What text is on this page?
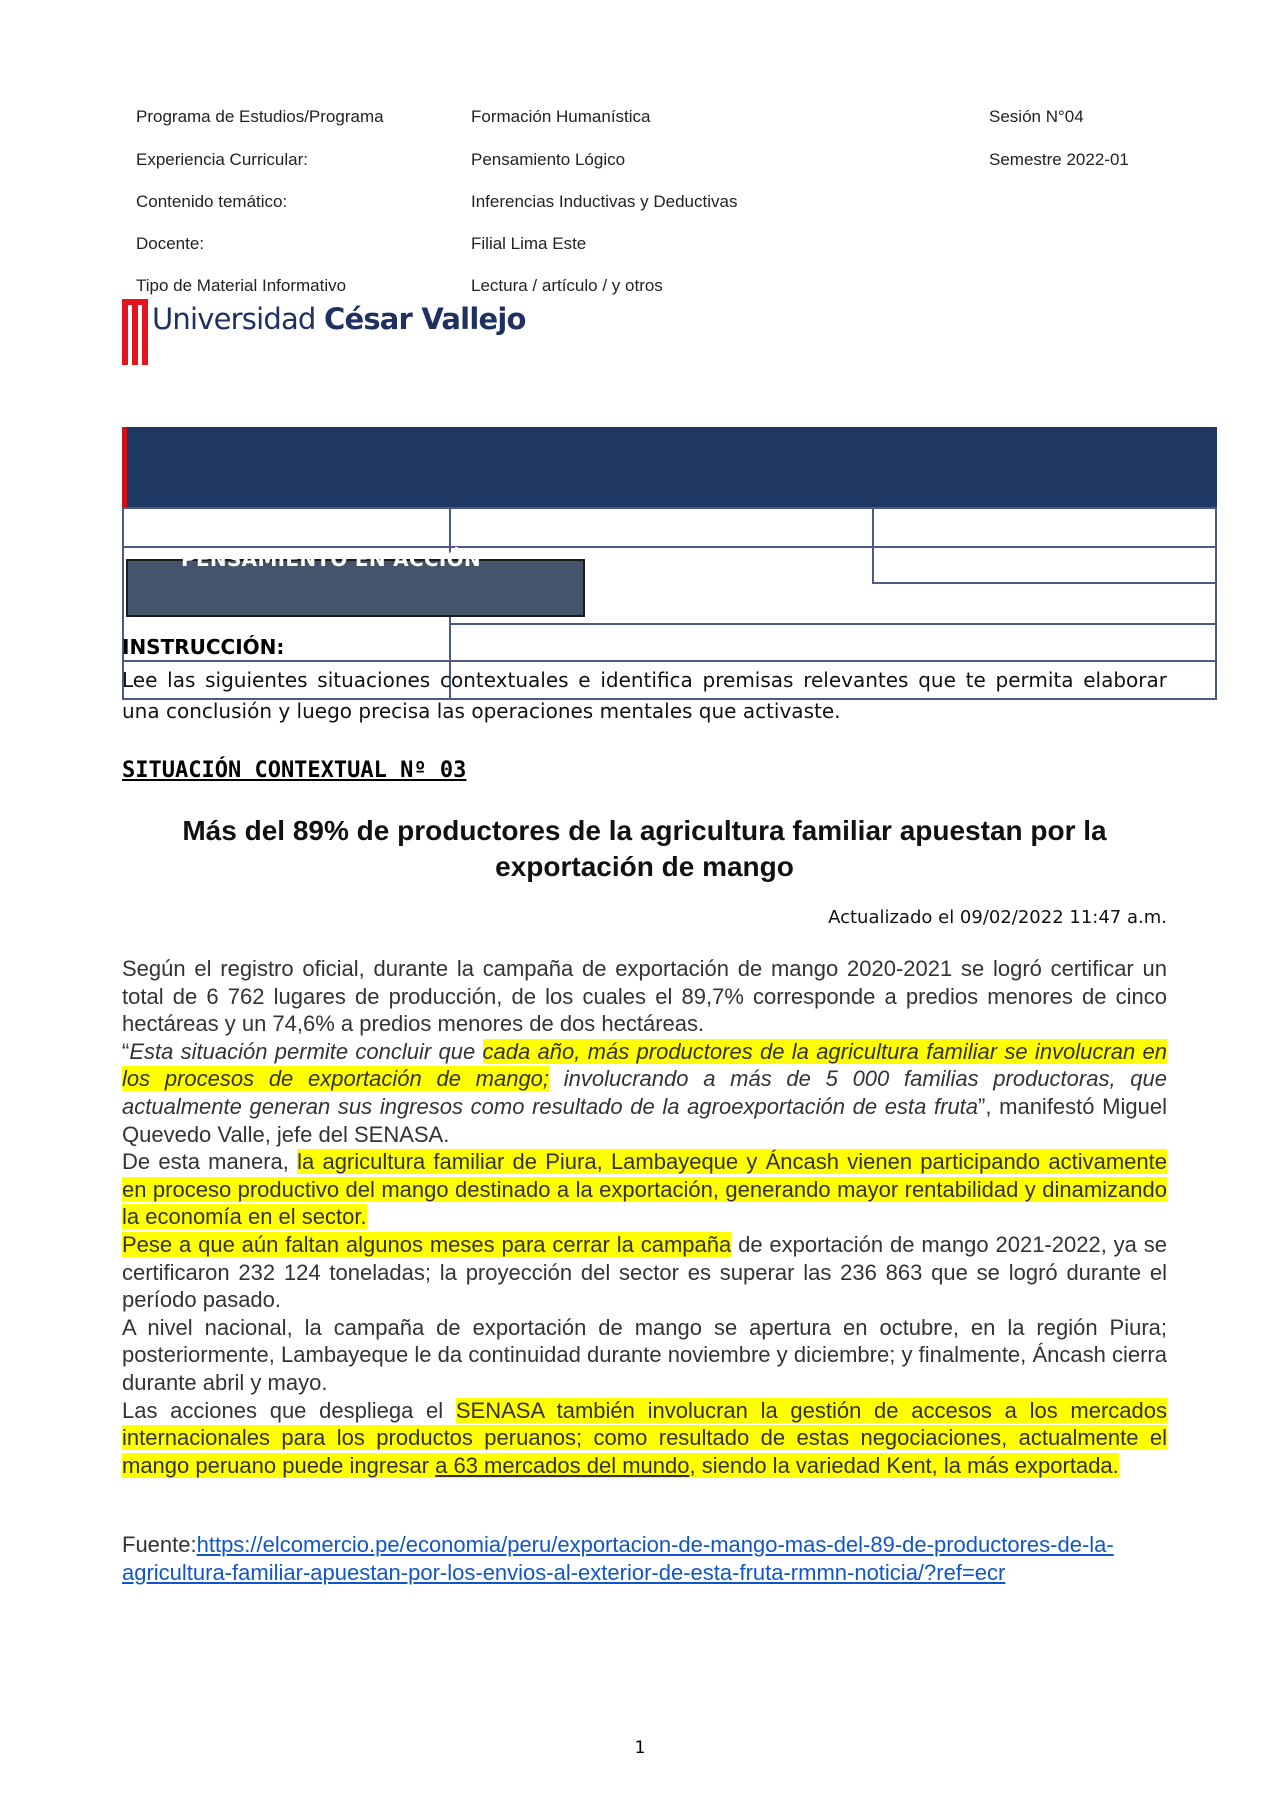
Programa de Estudios/Programa	Formación Humanística	Sesión N°04
Experiencia Curricular:	Pensamiento Lógico	Semestre 2022-01
Contenido temático:	Inferencias Inductivas y Deductivas
Docente:	Filial Lima Este
Tipo de Material Informativo	Lectura / artículo / y otros
Universidad César Vallejo
PENSAMIENTO EN ACCIÓN
INSTRUCCIÓN:
Lee las siguientes situaciones contextuales e identifica premisas relevantes que te permita elaborar una conclusión y luego precisa las operaciones mentales que activaste.
SITUACIÓN CONTEXTUAL Nº 03
Más del 89% de productores de la agricultura familiar apuestan por la exportación de mango
Actualizado el 09/02/2022 11:47 a.m.

Según el registro oficial, durante la campaña de exportación de mango 2020-2021 se logró certificar un total de 6 762 lugares de producción, de los cuales el 89,7% corresponde a predios menores de cinco hectáreas y un 74,6% a predios menores de dos hectáreas.

“Esta situación permite concluir que cada año, más productores de la agricultura familiar se involucran en los procesos de exportación de mango; involucrando a más de 5 000 familias productoras, que actualmente generan sus ingresos como resultado de la agroexportación de esta fruta”, manifestó Miguel Quevedo Valle, jefe del SENASA.

De esta manera, la agricultura familiar de Piura, Lambayeque y Áncash vienen participando activamente en proceso productivo del mango destinado a la exportación, generando mayor rentabilidad y dinamizando la economía en el sector.

Pese a que aún faltan algunos meses para cerrar la campaña de exportación de mango 2021-2022, ya se certificaron 232 124 toneladas; la proyección del sector es superar las 236 863 que se logró durante el período pasado.

A nivel nacional, la campaña de exportación de mango se apertura en octubre, en la región Piura; posteriormente, Lambayeque le da continuidad durante noviembre y diciembre; y finalmente, Áncash cierra durante abril y mayo.

Las acciones que despliega el SENASA también involucran la gestión de accesos a los mercados internacionales para los productos peruanos; como resultado de estas negociaciones, actualmente el mango peruano puede ingresar a 63 mercados del mundo, siendo la variedad Kent, la más exportada.

Fuente:https://elcomercio.pe/economia/peru/exportacion-de-mango-mas-del-89-de-productores-de-la-agricultura-familiar-apuestan-por-los-envios-al-exterior-de-esta-fruta-rmmn-noticia/?ref=ecr
1
